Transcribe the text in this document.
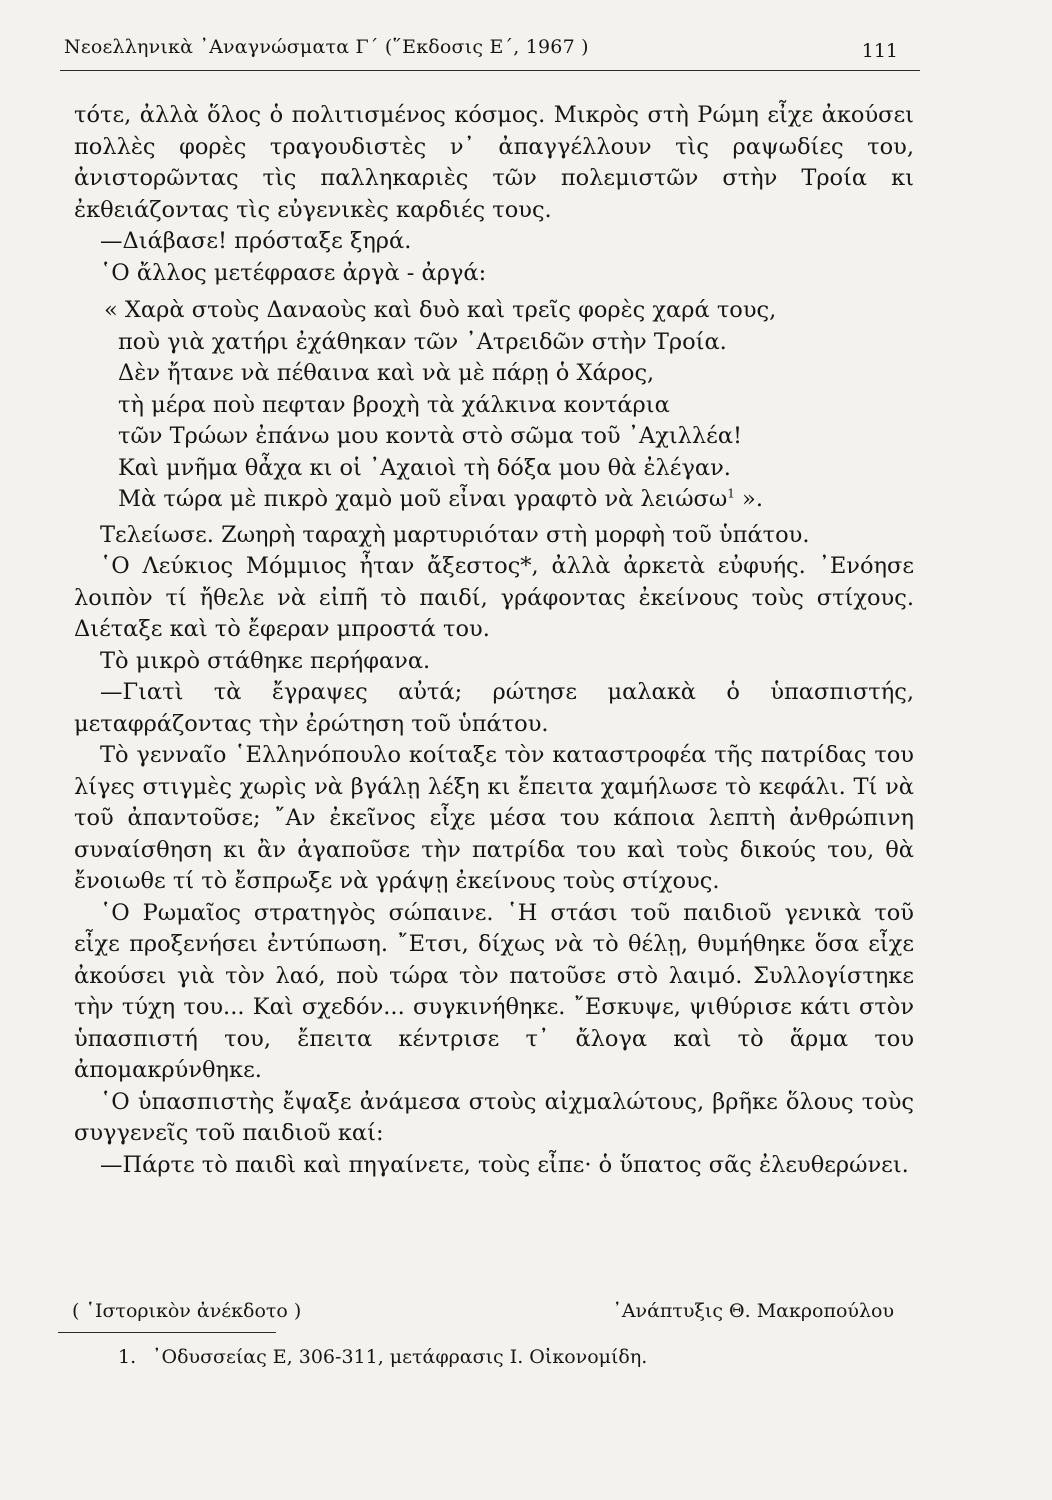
Νεοελληνικὰ ᾿Αναγνώσματα Γ΄ (῞Εκδοσις Ε΄, 1967 )	111

τότε, ἀλλὰ ὅλος ὁ πολιτισμένος κόσμος. Μικρὸς στὴ Ρώμη εἶχε ἀκούσει πολλὲς φορὲς τραγουδιστὲς ν᾿ ἀπαγγέλλουν τὶς ραψωδίες του, ἀνιστορῶντας τὶς παλληκαριὲς τῶν πολεμιστῶν στὴν Τροία κι ἐκθειάζοντας τὶς εὐγενικὲς καρδιές τους.

—Διάβασε! πρόσταξε ξηρά.

῾Ο ἄλλος μετέφρασε ἀργὰ - ἀργά:

« Χαρὰ στοὺς Δαναοὺς καὶ δυὸ καὶ τρεῖς φορὲς χαρά τους,
ποὺ γιὰ χατήρι ἐχάθηκαν τῶν ᾿Ατρειδῶν στὴν Τροία.
Δὲν ἤτανε νὰ πέθαινα καὶ νὰ μὲ πάρῃ ὁ Χάρος,
τὴ μέρα ποὺ πεφταν βροχὴ τὰ χάλκινα κοντάρια
τῶν Τρώων ἐπάνω μου κοντὰ στὸ σῶμα τοῦ ᾿Αχιλλέα!
Καὶ μνῆμα θἆχα κι οἱ ᾿Αχαιοὶ τὴ δόξα μου θὰ ἐλέγαν.
Μὰ τώρα μὲ πικρὸ χαμὸ μοῦ εἶναι γραφτὸ νὰ λειώσω$^1$ ».

Τελείωσε. Ζωηρὴ ταραχὴ μαρτυριόταν στὴ μορφὴ τοῦ ὑπάτου.

῾Ο Λεύκιος Μόμμιος ἦταν ἄξεστος*, ἀλλὰ ἀρκετὰ εὐφυής. ᾿Ενόησε λοιπὸν τί ἤθελε νὰ εἰπῆ τὸ παιδί, γράφοντας ἐκείνους τοὺς στίχους. Διέταξε καὶ τὸ ἔφεραν μπροστά του.

Τὸ μικρὸ στάθηκε περήφανα.

—Γιατὶ τὰ ἔγραψες αὐτά; ρώτησε μαλακὰ ὁ ὑπασπιστής, μεταφράζοντας τὴν ἐρώτηση τοῦ ὑπάτου.

Τὸ γενναῖο ῾Ελληνόπουλο κοίταξε τὸν καταστροφέα τῆς πατρίδας του λίγες στιγμὲς χωρὶς νὰ βγάλῃ λέξη κι ἔπειτα χαμήλωσε τὸ κεφάλι. Τί νὰ τοῦ ἀπαντοῦσε; ῎Αν ἐκεῖνος εἶχε μέσα του κάποια λεπτὴ ἀνθρώπινη συναίσθηση κι ἂν ἀγαποῦσε τὴν πατρίδα του καὶ τοὺς δικούς του, θὰ ἔνοιωθε τί τὸ ἔσπρωξε νὰ γράψῃ ἐκείνους τοὺς στίχους.

῾Ο Ρωμαῖος στρατηγὸς σώπαινε. ῾Η στάσι τοῦ παιδιοῦ γενικὰ τοῦ εἶχε προξενήσει ἐντύπωση. ῎Ετσι, δίχως νὰ τὸ θέλῃ, θυμήθηκε ὅσα εἶχε ἀκούσει γιὰ τὸν λαό, ποὺ τώρα τὸν πατοῦσε στὸ λαιμό. Συλλογίστηκε τὴν τύχη του... Καὶ σχεδόν... συγκινήθηκε. ῎Εσκυψε, ψιθύρισε κάτι στὸν ὑπασπιστή του, ἔπειτα κέντρισε τ᾿ ἄλογα καὶ τὸ ἅρμα του ἀπομακρύνθηκε.

῾Ο ὑπασπιστὴς ἔψαξε ἀνάμεσα στοὺς αἰχμαλώτους, βρῆκε ὅλους τοὺς συγγενεῖς τοῦ παιδιοῦ καί:

—Πάρτε τὸ παιδὶ καὶ πηγαίνετε, τοὺς εἶπε· ὁ ὕπατος σᾶς ἐλευθερώνει.

( ῾Ιστορικὸν ἀνέκδοτο )	᾿Ανάπτυξις Θ. Μακροπούλου
1. ᾿Οδυσσείας Ε, 306-311, μετάφρασις Ι. Οἰκονομίδη.
